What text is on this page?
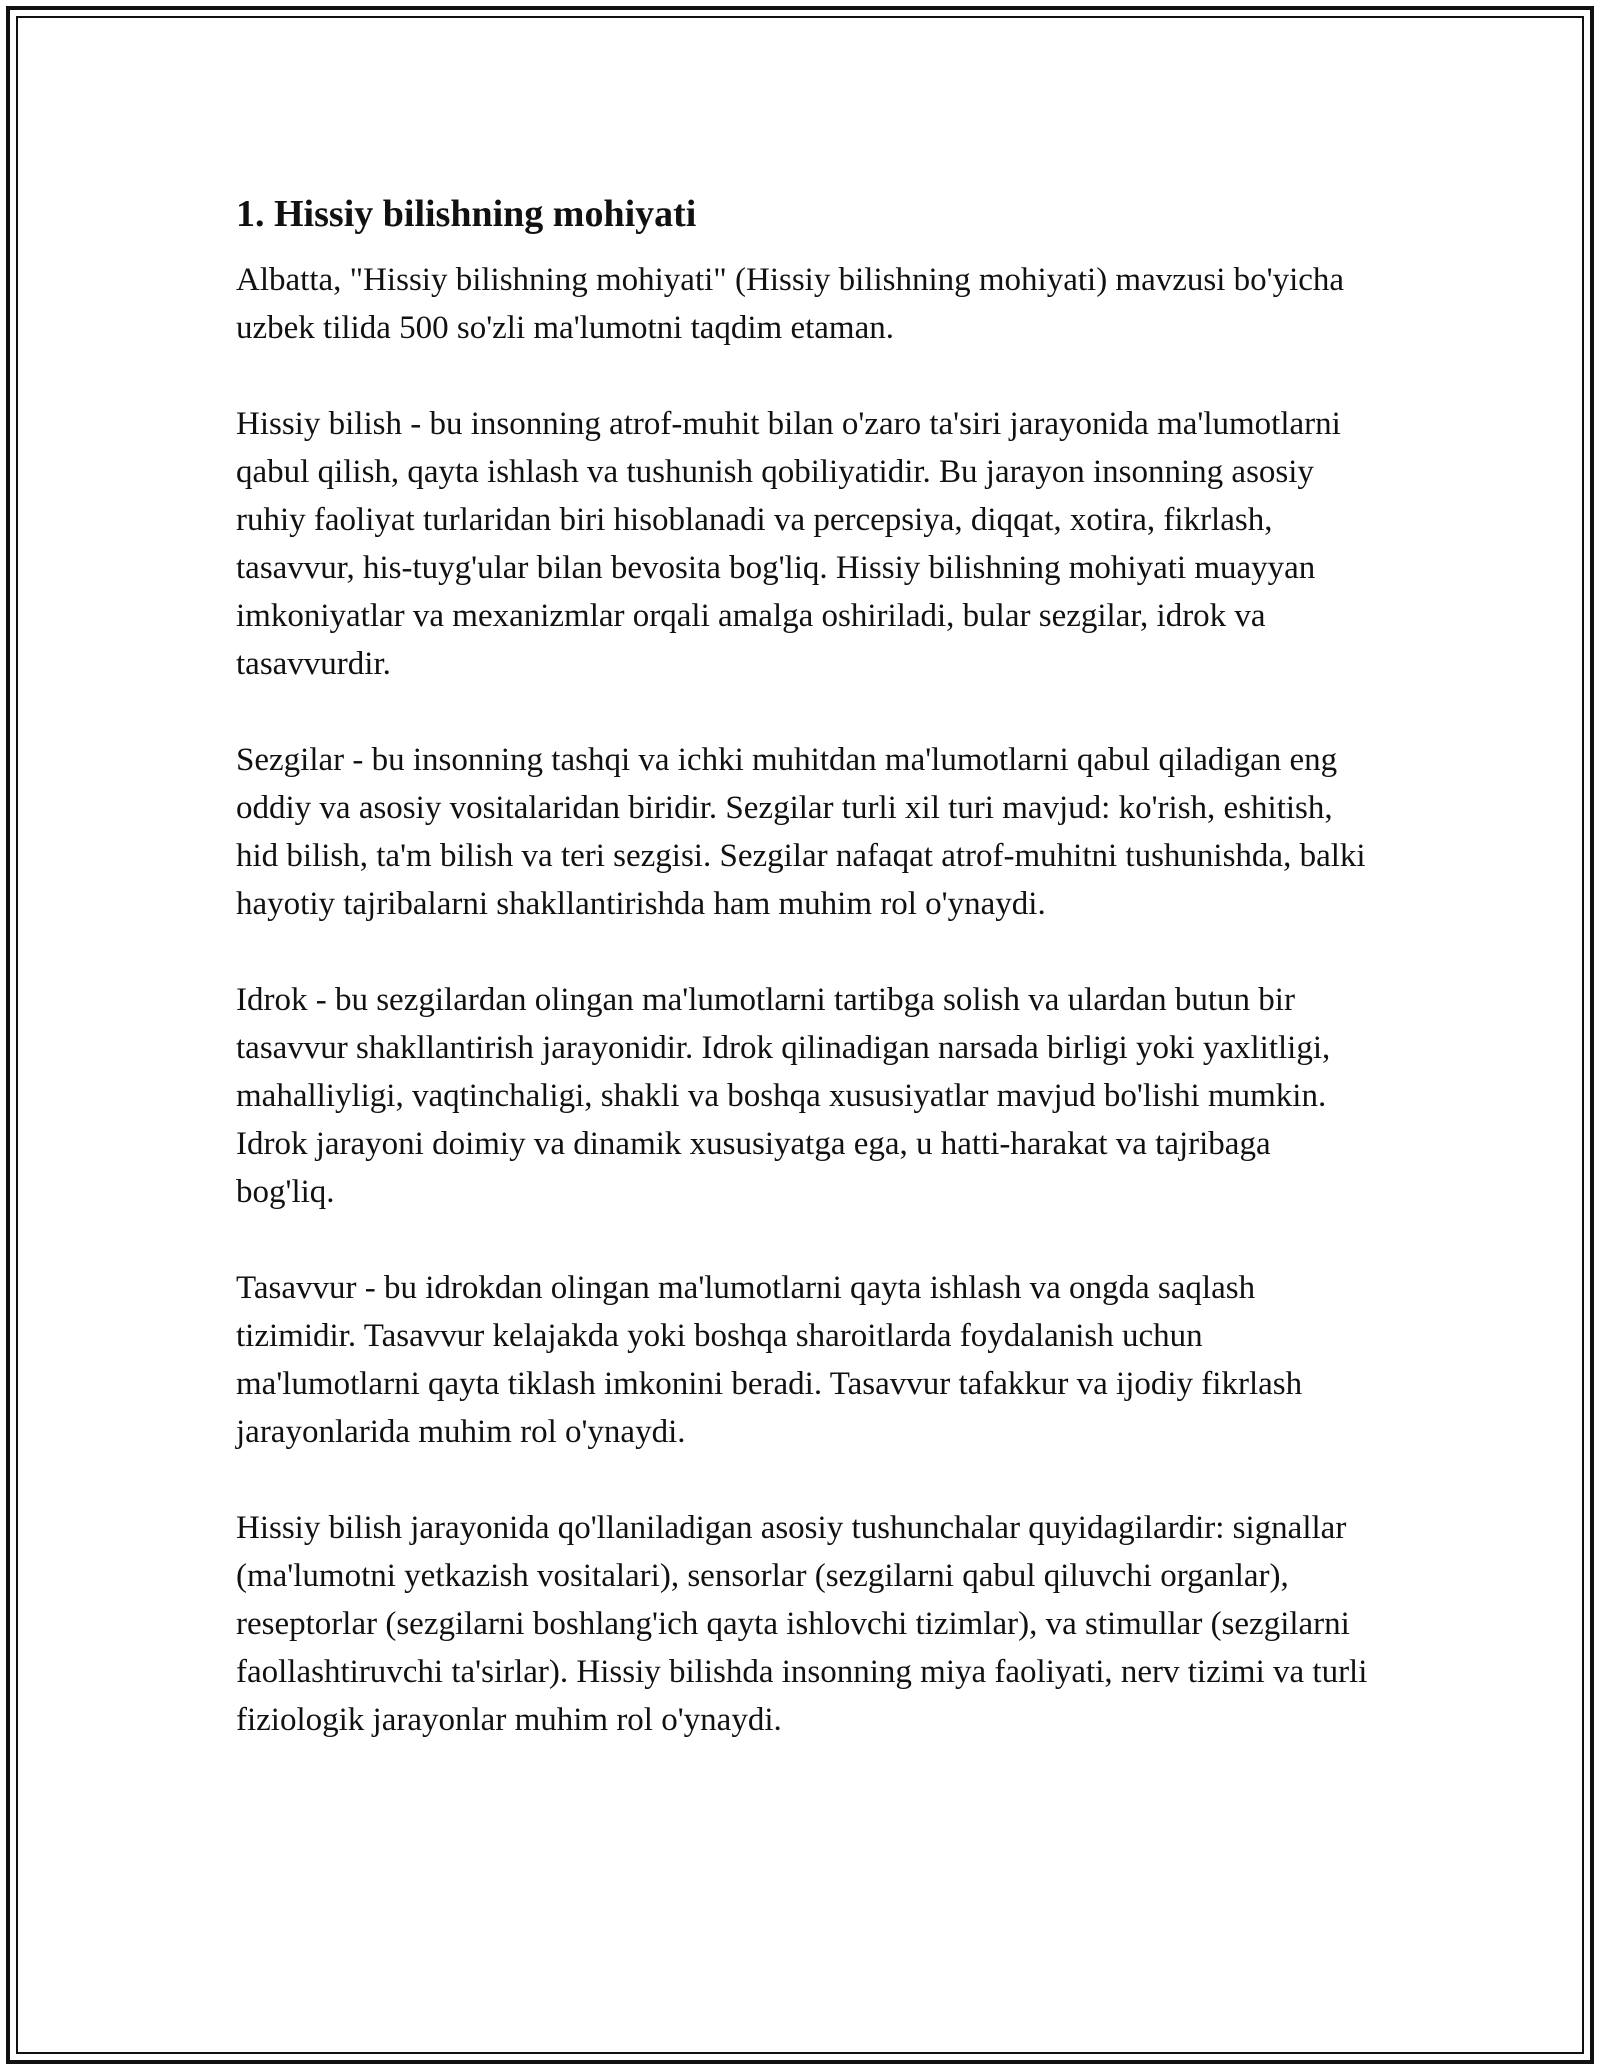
1. Hissiy bilishning mohiyati

Albatta, "Hissiy bilishning mohiyati" (Hissiy bilishning mohiyati) mavzusi bo'yicha uzbek tilida 500 so'zli ma'lumotni taqdim etaman.

Hissiy bilish - bu insonning atrof-muhit bilan o'zaro ta'siri jarayonida ma'lumotlarni qabul qilish, qayta ishlash va tushunish qobiliyatidir. Bu jarayon insonning asosiy ruhiy faoliyat turlaridan biri hisoblanadi va percepsiya, diqqat, xotira, fikrlash, tasavvur, his-tuyg'ular bilan bevosita bog'liq. Hissiy bilishning mohiyati muayyan imkoniyatlar va mexanizmlar orqali amalga oshiriladi, bular sezgilar, idrok va tasavvurdir.

Sezgilar - bu insonning tashqi va ichki muhitdan ma'lumotlarni qabul qiladigan eng oddiy va asosiy vositalaridan biridir. Sezgilar turli xil turi mavjud: ko'rish, eshitish, hid bilish, ta'm bilish va teri sezgisi. Sezgilar nafaqat atrof-muhitni tushunishda, balki hayotiy tajribalarni shakllantirishda ham muhim rol o'ynaydi.

Idrok - bu sezgilardan olingan ma'lumotlarni tartibga solish va ulardan butun bir tasavvur shakllantirish jarayonidir. Idrok qilinadigan narsada birligi yoki yaxlitligi, mahalliyligi, vaqtinchaligi, shakli va boshqa xususiyatlar mavjud bo'lishi mumkin. Idrok jarayoni doimiy va dinamik xususiyatga ega, u hatti-harakat va tajribaga bog'liq.

Tasavvur - bu idrokdan olingan ma'lumotlarni qayta ishlash va ongda saqlash tizimidir. Tasavvur kelajakda yoki boshqa sharoitlarda foydalanish uchun ma'lumotlarni qayta tiklash imkonini beradi. Tasavvur tafakkur va ijodiy fikrlash jarayonlarida muhim rol o'ynaydi.

Hissiy bilish jarayonida qo'llaniladigan asosiy tushunchalar quyidagilardir: signallar (ma'lumotni yetkazish vositalari), sensorlar (sezgilarni qabul qiluvchi organlar), reseptorlar (sezgilarni boshlang'ich qayta ishlovchi tizimlar), va stimullar (sezgilarni faollashtiruvchi ta'sirlar). Hissiy bilishda insonning miya faoliyati, nerv tizimi va turli fiziologik jarayonlar muhim rol o'ynaydi.
